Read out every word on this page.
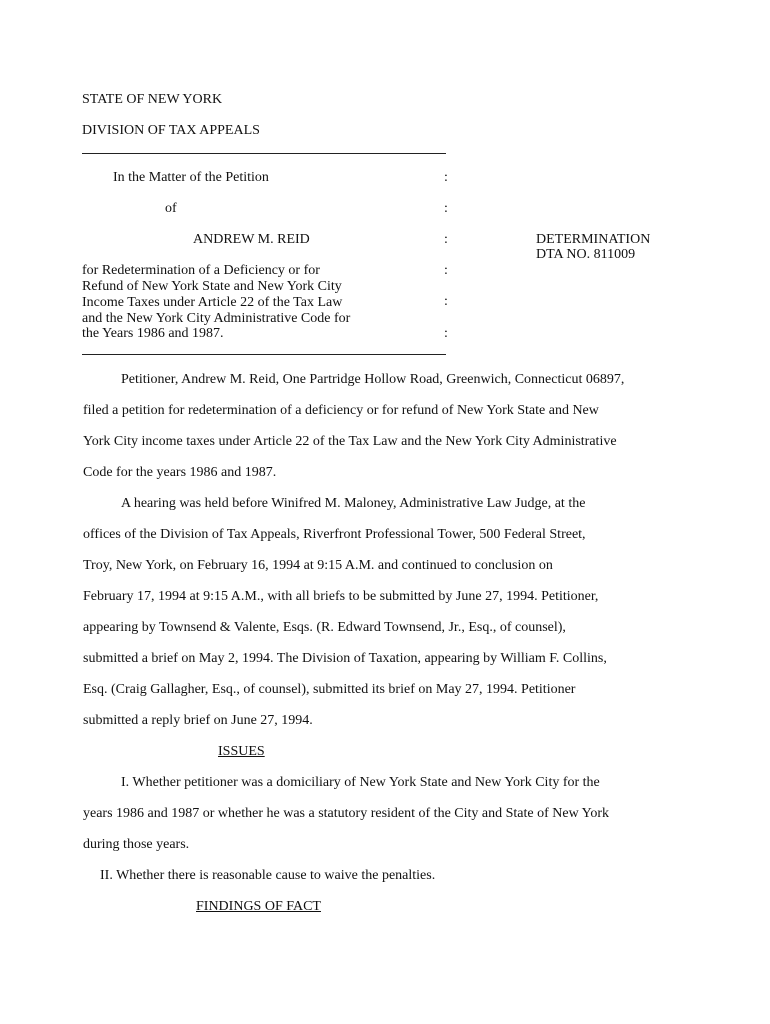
STATE OF NEW YORK
DIVISION OF TAX APPEALS
In the Matter of the Petition
of
ANDREW M. REID
for Redetermination of a Deficiency or for
Refund of New York State and New York City
Income Taxes under Article 22 of the Tax Law
and the New York City Administrative Code for
the Years 1986 and 1987.
:
:
:
:
:
:
DETERMINATION
DTA NO. 811009
Petitioner, Andrew M. Reid, One Partridge Hollow Road, Greenwich, Connecticut 06897,
filed a petition for redetermination of a deficiency or for refund of New York State and New
York City income taxes under Article 22 of the Tax Law and the New York City Administrative
Code for the years 1986 and 1987.
A hearing was held before Winifred M. Maloney, Administrative Law Judge, at the
offices of the Division of Tax Appeals, Riverfront Professional Tower, 500 Federal Street,
Troy, New York, on February 16, 1994 at 9:15 A.M. and continued to conclusion on
February 17, 1994 at 9:15 A.M., with all briefs to be submitted by June 27, 1994. Petitioner,
appearing by Townsend & Valente, Esqs. (R. Edward Townsend, Jr., Esq., of counsel),
submitted a brief on May 2, 1994. The Division of Taxation, appearing by William F. Collins,
Esq. (Craig Gallagher, Esq., of counsel), submitted its brief on May 27, 1994. Petitioner
submitted a reply brief on June 27, 1994.
ISSUES
I. Whether petitioner was a domiciliary of New York State and New York City for the
years 1986 and 1987 or whether he was a statutory resident of the City and State of New York
during those years.
II. Whether there is reasonable cause to waive the penalties.
FINDINGS OF FACT
